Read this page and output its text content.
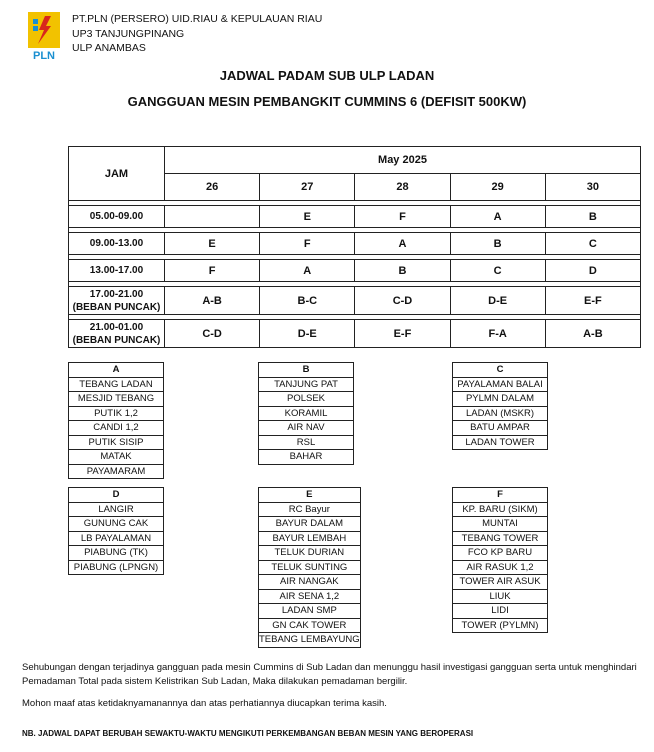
PLN
PT.PLN (PERSERO) UID.RIAU & KEPULAUAN RIAU
UP3 TANJUNGPINANG
ULP ANAMBAS
JADWAL PADAM SUB ULP LADAN
GANGGUAN MESIN PEMBANGKIT CUMMINS 6 (DEFISIT 500KW)
JAM	May 2025				
	26	27	28	29	30

05.00-09.00		E	F	A	B

09.00-13.00	E	F	A	B	C

13.00-17.00	F	A	B	C	D

17.00-21.00
(BEBAN PUNCAK)	A-B	B-C	C-D	D-E	E-F

21.00-01.00
(BEBAN PUNCAK)	C-D	D-E	E-F	F-A	A-B
A
TEBANG LADAN
MESJID TEBANG
PUTIK 1,2
CANDI 1,2
PUTIK SISIP
MATAK
PAYAMARAM
B
TANJUNG PAT
POLSEK
KORAMIL
AIR NAV
RSL
BAHAR
C
PAYALAMAN BALAI
PYLMN DALAM
LADAN (MSKR)
BATU AMPAR
LADAN TOWER
D
LANGIR
GUNUNG CAK
LB PAYALAMAN
PIABUNG (TK)
PIABUNG (LPNGN)
E
RC Bayur
BAYUR DALAM
BAYUR LEMBAH
TELUK DURIAN
TELUK SUNTING
AIR NANGAK
AIR SENA 1,2
LADAN SMP
GN CAK TOWER
TEBANG LEMBAYUNG
F
KP. BARU (SIKM)
MUNTAI
TEBANG TOWER
FCO KP BARU
AIR RASUK 1,2
TOWER AIR ASUK
LIUK
LIDI
TOWER (PYLMN)
Sehubungan dengan terjadinya gangguan pada mesin Cummins di Sub Ladan dan menunggu hasil investigasi gangguan serta untuk menghindari Pemadaman Total pada sistem Kelistrikan Sub Ladan, Maka dilakukan pemadaman bergilir.
Mohon maaf atas ketidaknyamanannya dan atas perhatiannya diucapkan terima kasih.
NB. JADWAL DAPAT BERUBAH SEWAKTU-WAKTU MENGIKUTI PERKEMBANGAN BEBAN MESIN YANG BEROPERASI
